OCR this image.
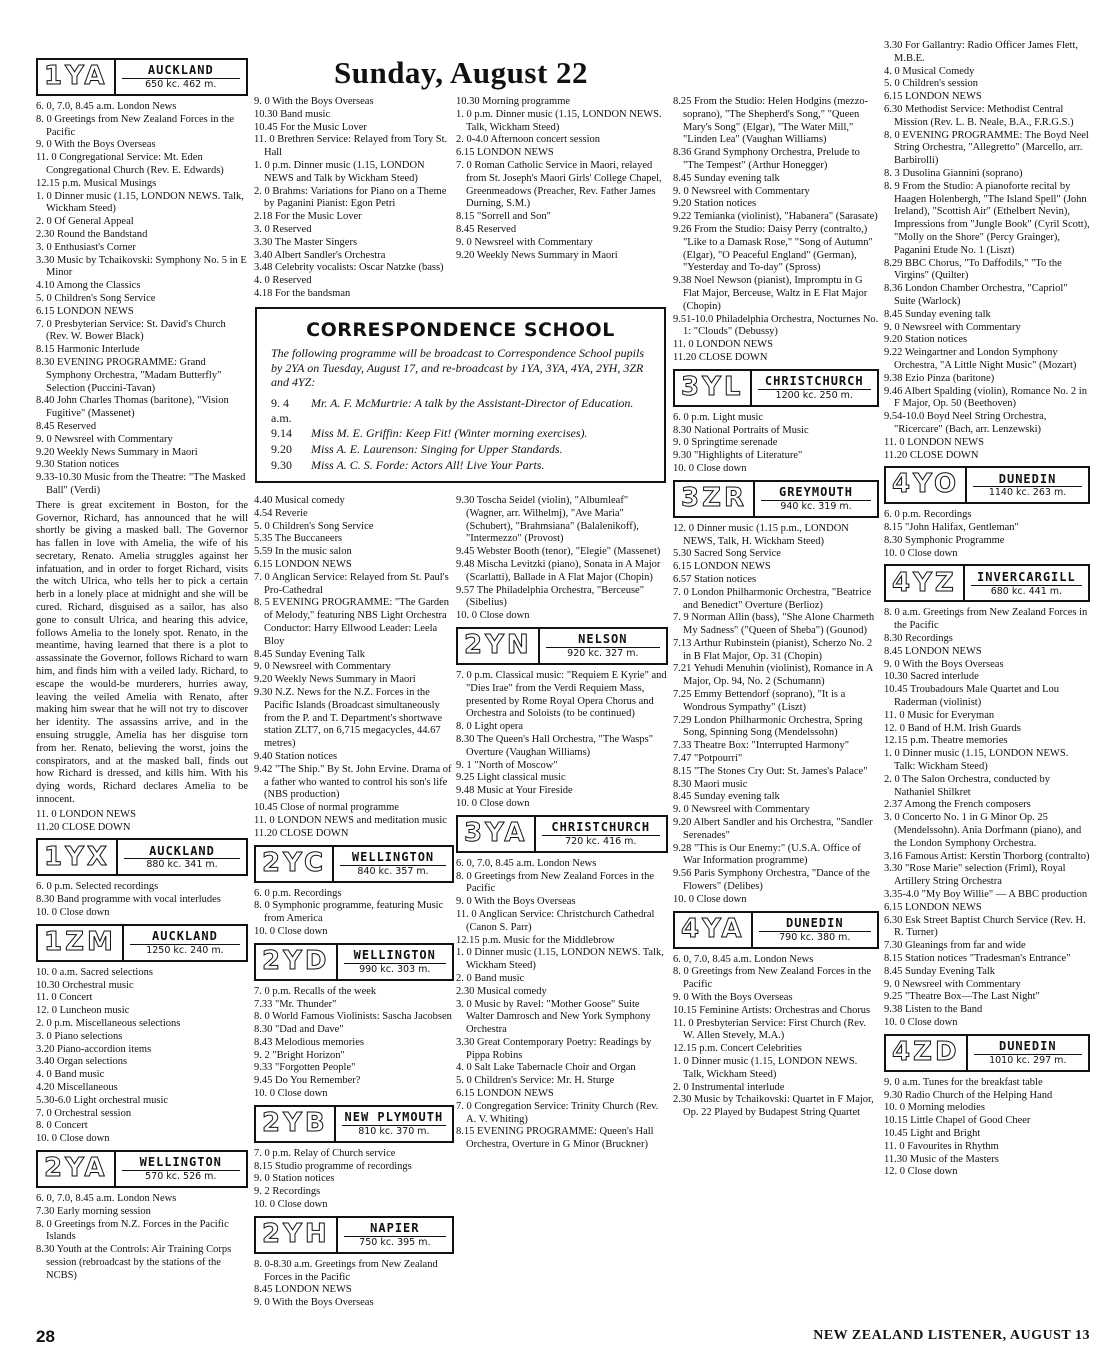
Sunday, August 22
1YA	AUCKLAND
650 kc. 462 m.

6. 0, 7.0, 8.45 a.m. London News

8. 0 Greetings from New Zealand Forces in the Pacific

9. 0 With the Boys Overseas

11. 0 Congregational Service: Mt. Eden Congregational Church (Rev. E. Edwards)

12.15 p.m. Musical Musings

1. 0 Dinner music (1.15, LONDON NEWS. Talk, Wickham Steed)

2. 0 Of General Appeal

2.30 Round the Bandstand

3. 0 Enthusiast's Corner

3.30 Music by Tchaikovski: Symphony No. 5 in E Minor

4.10 Among the Classics

5. 0 Children's Song Service

6.15 LONDON NEWS

7. 0 Presbyterian Service: St. David's Church (Rev. W. Bower Black)

8.15 Harmonic Interlude

8.30 EVENING PROGRAMME: Grand Symphony Orchestra, "Madam Butterfly" Selection (Puccini-Tavan)

8.40 John Charles Thomas (baritone), "Vision Fugitive" (Massenet)

8.45 Reserved

9. 0 Newsreel with Commentary

9.20 Weekly News Summary in Maori

9.30 Station notices

9.33-10.30 Music from the Theatre: "The Masked Ball" (Verdi)

There is great excitement in Boston, for the Governor, Richard, has announced that he will shortly be giving a masked ball. The Governor has fallen in love with Amelia, the wife of his secretary, Renato. Amelia struggles against her infatuation, and in order to forget Richard, visits the witch Ulrica, who tells her to pick a certain herb in a lonely place at midnight and she will be cured. Richard, disguised as a sailor, has also gone to consult Ulrica, and hearing this advice, follows Amelia to the lonely spot. Renato, in the meantime, having learned that there is a plot to assassinate the Governor, follows Richard to warn him, and finds him with a veiled lady. Richard, to escape the would-be murderers, hurries away, leaving the veiled Amelia with Renato, after making him swear that he will not try to discover her identity. The assassins arrive, and in the ensuing struggle, Amelia has her disguise torn from her. Renato, believing the worst, joins the conspirators, and at the masked ball, finds out how Richard is dressed, and kills him. With his dying words, Richard declares Amelia to be innocent.

11. 0 LONDON NEWS

11.20 CLOSE DOWN

1YX	AUCKLAND
880 kc. 341 m.

6. 0 p.m. Selected recordings

8.30 Band programme with vocal interludes

10. 0 Close down

1ZM	AUCKLAND
1250 kc. 240 m.

10. 0 a.m. Sacred selections

10.30 Orchestral music

11. 0 Concert

12. 0 Luncheon music

2. 0 p.m. Miscellaneous selections

3. 0 Piano selections

3.20 Piano-accordion items

3.40 Organ selections

4. 0 Band music

4.20 Miscellaneous

5.30-6.0 Light orchestral music

7. 0 Orchestral session

8. 0 Concert

10. 0 Close down

2YA	WELLINGTON
570 kc. 526 m.

6. 0, 7.0, 8.45 a.m. London News

7.30 Early morning session

8. 0 Greetings from N.Z. Forces in the Pacific Islands

8.30 Youth at the Controls: Air Training Corps session (rebroadcast by the stations of the NCBS)

9. 0 With the Boys Overseas

10.30 Band music

10.45 For the Music Lover

11. 0 Brethren Service: Relayed from Tory St. Hall

1. 0 p.m. Dinner music (1.15, LONDON NEWS and Talk by Wickham Steed)

2. 0 Brahms: Variations for Piano on a Theme by Paganini Pianist: Egon Petri

2.18 For the Music Lover

3. 0 Reserved

3.30 The Master Singers

3.40 Albert Sandler's Orchestra

3.48 Celebrity vocalists: Oscar Natzke (bass)

4. 0 Reserved

4.18 For the bandsman

10.30 Morning programme

1. 0 p.m. Dinner music (1.15, LONDON NEWS. Talk, Wickham Steed)

2. 0-4.0 Afternoon concert session

6.15 LONDON NEWS

7. 0 Roman Catholic Service in Maori, relayed from St. Joseph's Maori Girls' College Chapel, Greenmeadows (Preacher, Rev. Father James Durning, S.M.)

8.15 "Sorrell and Son"

8.45 Reserved

9. 0 Newsreel with Commentary

9.20 Weekly News Summary in Maori

CORRESPONDENCE SCHOOL

The following programme will be broadcast to Correspondence School pupils by 2YA on Tuesday, August 17, and re-broadcast by 1YA, 3YA, 4YA, 2YH, 3ZR and 4YZ:

9. 4 a.m.
Mr. A. F. McMurtrie: A talk by the Assistant-Director of Education.
9.14	Miss M. E. Griffin: Keep Fit! (Winter morning exercises).
9.20	Miss A. E. Laurenson: Singing for Upper Standards.
9.30	Miss A. C. S. Forde: Actors All! Live Your Parts.

4.40 Musical comedy

4.54 Reverie

5. 0 Children's Song Service

5.35 The Buccaneers

5.59 In the music salon

6.15 LONDON NEWS

7. 0 Anglican Service: Relayed from St. Paul's Pro-Cathedral

8. 5 EVENING PROGRAMME: "The Garden of Melody," featuring NBS Light Orchestra Conductor: Harry Ellwood Leader: Leela Bloy

8.45 Sunday Evening Talk

9. 0 Newsreel with Commentary

9.20 Weekly News Summary in Maori

9.30 N.Z. News for the N.Z. Forces in the Pacific Islands (Broadcast simultaneously from the P. and T. Department's shortwave station ZLT7, on 6,715 megacycles, 44.67 metres)

9.40 Station notices

9.42 "The Ship." By St. John Ervine. Drama of a father who wanted to control his son's life (NBS production)

10.45 Close of normal programme

11. 0 LONDON NEWS and meditation music

11.20 CLOSE DOWN

2YC	WELLINGTON
840 kc. 357 m.

6. 0 p.m. Recordings

8. 0 Symphonic programme, featuring Music from America

10. 0 Close down

2YD	WELLINGTON
990 kc. 303 m.

7. 0 p.m. Recalls of the week

7.33 "Mr. Thunder"

8. 0 World Famous Violinists: Sascha Jacobsen

8.30 "Dad and Dave"

8.43 Melodious memories

9. 2 "Bright Horizon"

9.33 "Forgotten People"

9.45 Do You Remember?

10. 0 Close down

2YB	NEW PLYMOUTH
810 kc. 370 m.

7. 0 p.m. Relay of Church service

8.15 Studio programme of recordings

9. 0 Station notices

9. 2 Recordings

10. 0 Close down

2YH	NAPIER
750 kc. 395 m.

8. 0-8.30 a.m. Greetings from New Zealand Forces in the Pacific

8.45 LONDON NEWS

9. 0 With the Boys Overseas

9.30 Toscha Seidel (violin), "Albumleaf" (Wagner, arr. Wilhelmj), "Ave Maria" (Schubert), "Brahmsiana" (Balalenikoff), "Intermezzo" (Provost)

9.45 Webster Booth (tenor), "Elegie" (Massenet)

9.48 Mischa Levitzki (piano), Sonata in A Major (Scarlatti), Ballade in A Flat Major (Chopin)

9.57 The Philadelphia Orchestra, "Berceuse" (Sibelius)

10. 0 Close down

2YN	NELSON
920 kc. 327 m.

7. 0 p.m. Classical music: "Requiem E Kyrie" and "Dies Irae" from the Verdi Requiem Mass, presented by Rome Royal Opera Chorus and Orchestra and Soloists (to be continued)

8. 0 Light opera

8.30 The Queen's Hall Orchestra, "The Wasps" Overture (Vaughan Williams)

9. 1 "North of Moscow"

9.25 Light classical music

9.48 Music at Your Fireside

10. 0 Close down

3YA	CHRISTCHURCH
720 kc. 416 m.

6. 0, 7.0, 8.45 a.m. London News

8. 0 Greetings from New Zealand Forces in the Pacific

9. 0 With the Boys Overseas

11. 0 Anglican Service: Christchurch Cathedral (Canon S. Parr)

12.15 p.m. Music for the Middlebrow

1. 0 Dinner music (1.15, LONDON NEWS. Talk, Wickham Steed)

2. 0 Band music

2.30 Musical comedy

3. 0 Music by Ravel: "Mother Goose" Suite Walter Damrosch and New York Symphony Orchestra

3.30 Great Contemporary Poetry: Readings by Pippa Robins

4. 0 Salt Lake Tabernacle Choir and Organ

5. 0 Children's Service: Mr. H. Sturge

6.15 LONDON NEWS

7. 0 Congregation Service: Trinity Church (Rev. A. V. Whiting)

8.15 EVENING PROGRAMME: Queen's Hall Orchestra, Overture in G Minor (Bruckner)

8.25 From the Studio: Helen Hodgins (mezzo-soprano), "The Shepherd's Song," "Queen Mary's Song" (Elgar), "The Water Mill," "Linden Lea" (Vaughan Williams)

8.36 Grand Symphony Orchestra, Prelude to "The Tempest" (Arthur Honegger)

8.45 Sunday evening talk

9. 0 Newsreel with Commentary

9.20 Station notices

9.22 Temianka (violinist), "Habanera" (Sarasate)

9.26 From the Studio: Daisy Perry (contralto,) "Like to a Damask Rose," "Song of Autumn" (Elgar), "O Peaceful England" (German), "Yesterday and To-day" (Spross)

9.38 Noel Newson (pianist), Impromptu in G Flat Major, Berceuse, Waltz in E Flat Major (Chopin)

9.51-10.0 Philadelphia Orchestra, Nocturnes No. 1: "Clouds" (Debussy)

11. 0 LONDON NEWS

11.20 CLOSE DOWN

3YL	CHRISTCHURCH
1200 kc. 250 m.

6. 0 p.m. Light music

8.30 National Portraits of Music

9. 0 Springtime serenade

9.30 "Highlights of Literature"

10. 0 Close down

3ZR	GREYMOUTH
940 kc. 319 m.

12. 0 Dinner music (1.15 p.m., LONDON NEWS, Talk, H. Wickham Steed)

5.30 Sacred Song Service

6.15 LONDON NEWS

6.57 Station notices

7. 0 London Philharmonic Orchestra, "Beatrice and Benedict" Overture (Berlioz)

7. 9 Norman Allin (bass), "She Alone Charmeth My Sadness" ("Queen of Sheba") (Gounod)

7.13 Arthur Rubinstein (pianist), Scherzo No. 2 in B Flat Major, Op. 31 (Chopin)

7.21 Yehudi Menuhin (violinist), Romance in A Major, Op. 94, No. 2 (Schumann)

7.25 Emmy Bettendorf (soprano), "It is a Wondrous Sympathy" (Liszt)

7.29 London Philharmonic Orchestra, Spring Song, Spinning Song (Mendelssohn)

7.33 Theatre Box: "Interrupted Harmony"

7.47 "Potpourri"

8.15 "The Stones Cry Out: St. James's Palace"

8.30 Maori music

8.45 Sunday evening talk

9. 0 Newsreel with Commentary

9.20 Albert Sandler and his Orchestra, "Sandler Serenades"

9.28 "This is Our Enemy:" (U.S.A. Office of War Information programme)

9.56 Paris Symphony Orchestra, "Dance of the Flowers" (Delibes)

10. 0 Close down

4YA	DUNEDIN
790 kc. 380 m.

6. 0, 7.0, 8.45 a.m. London News

8. 0 Greetings from New Zealand Forces in the Pacific

9. 0 With the Boys Overseas

10.15 Feminine Artists: Orchestras and Chorus

11. 0 Presbyterian Service: First Church (Rev. W. Allen Stevely, M.A.)

12.15 p.m. Concert Celebrities

1. 0 Dinner music (1.15, LONDON NEWS. Talk, Wickham Steed)

2. 0 Instrumental interlude

2.30 Music by Tchaikovski: Quartet in F Major, Op. 22 Played by Budapest String Quartet

3.30 For Gallantry: Radio Officer James Flett, M.B.E.

4. 0 Musical Comedy

5. 0 Children's session

6.15 LONDON NEWS

6.30 Methodist Service: Methodist Central Mission (Rev. L. B. Neale, B.A., F.R.G.S.)

8. 0 EVENING PROGRAMME: The Boyd Neel String Orchestra, "Allegretto" (Marcello, arr. Barbirolli)

8. 3 Dusolina Giannini (soprano)

8. 9 From the Studio: A pianoforte recital by Haagen Holenbergh, "The Island Spell" (John Ireland), "Scottish Air" (Ethelbert Nevin), Impressions from "Jungle Book" (Cyril Scott), "Molly on the Shore" (Percy Grainger), Paganini Etude No. 1 (Liszt)

8.29 BBC Chorus, "To Daffodils," "To the Virgins" (Quilter)

8.36 London Chamber Orchestra, "Capriol" Suite (Warlock)

8.45 Sunday evening talk

9. 0 Newsreel with Commentary

9.20 Station notices

9.22 Weingartner and London Symphony Orchestra, "A Little Night Music" (Mozart)

9.38 Ezio Pinza (baritone)

9.46 Albert Spalding (violin), Romance No. 2 in F Major, Op. 50 (Beethoven)

9.54-10.0 Boyd Neel String Orchestra, "Ricercare" (Bach, arr. Lenzewski)

11. 0 LONDON NEWS

11.20 CLOSE DOWN

4YO	DUNEDIN
1140 kc. 263 m.

6. 0 p.m. Recordings

8.15 "John Halifax, Gentleman"

8.30 Symphonic Programme

10. 0 Close down

4YZ	INVERCARGILL
680 kc. 441 m.

8. 0 a.m. Greetings from New Zealand Forces in the Pacific

8.30 Recordings

8.45 LONDON NEWS

9. 0 With the Boys Overseas

10.30 Sacred interlude

10.45 Troubadours Male Quartet and Lou Raderman (violinist)

11. 0 Music for Everyman

12. 0 Band of H.M. Irish Guards

12.15 p.m. Theatre memories

1. 0 Dinner music (1.15, LONDON NEWS. Talk: Wickham Steed)

2. 0 The Salon Orchestra, conducted by Nathaniel Shilkret

2.37 Among the French composers

3. 0 Concerto No. 1 in G Minor Op. 25 (Mendelssohn). Ania Dorfmann (piano), and the London Symphony Orchestra.

3.16 Famous Artist: Kerstin Thorborg (contralto)

3.30 "Rose Marie" selection (Friml), Royal Artillery String Orchestra

3.35-4.0 "My Boy Willie" — A BBC production

6.15 LONDON NEWS

6.30 Esk Street Baptist Church Service (Rev. H. R. Turner)

7.30 Gleanings from far and wide

8.15 Station notices "Tradesman's Entrance"

8.45 Sunday Evening Talk

9. 0 Newsreel with Commentary

9.25 "Theatre Box—The Last Night"

9.38 Listen to the Band

10. 0 Close down

4ZD	DUNEDIN
1010 kc. 297 m.

9. 0 a.m. Tunes for the breakfast table

9.30 Radio Church of the Helping Hand

10. 0 Morning melodies

10.15 Little Chapel of Good Cheer

10.45 Light and Bright

11. 0 Favourites in Rhythm

11.30 Music of the Masters

12. 0 Close down

28	NEW ZEALAND LISTENER, AUGUST 13
